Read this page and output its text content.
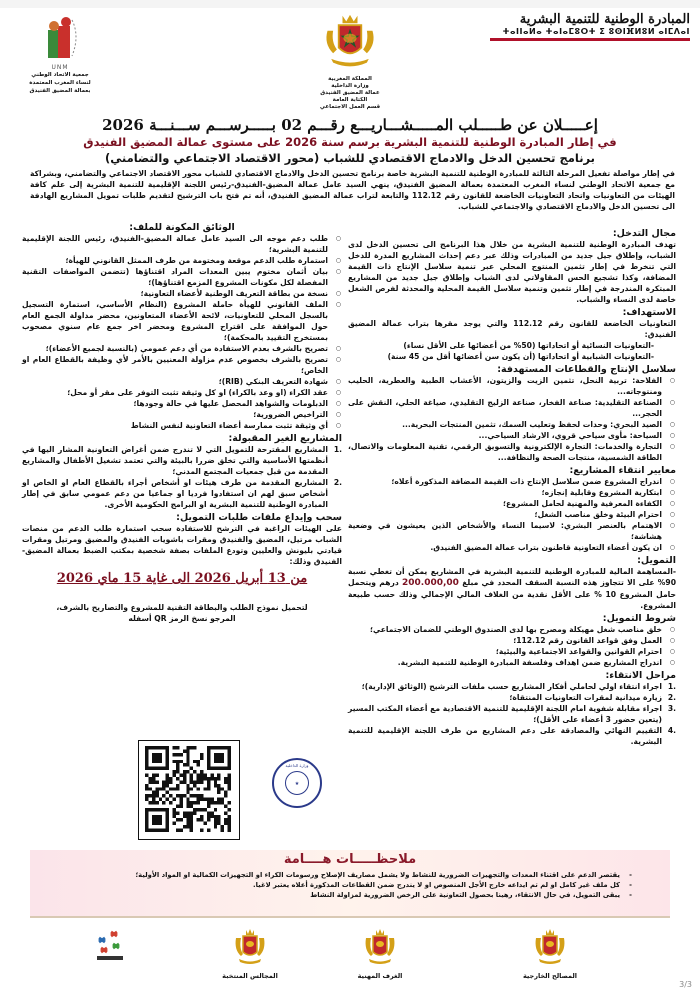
المبادرة الوطنية للتنمية البشرية
ⵜⴰⵏⵏⴰⵍⴰ ⵜⴰⵏⴰⵎⵓⵔⵜ ⵉ ⵓⵙⵏⴼⵍⵓⵍ ⴰⵏⵎⴷⴰⵏ
المملكة المغربية
وزارة الداخلية
عمالة المضيق الفنيدق
الكتابة العامة
قسم العمل الاجتماعي
UNM
جمعية الاتحاد الوطني
لنساء المغرب المعتمدة
بعمالة المضيق الفنيدق
إعـــــلان عن طـــــلب المـــــشـــاريـــع رقـــم 02 بـــــرســـم ســـنـــة 2026
في إطار المبادرة الوطنية للتنمية البشرية برسم سنة 2026 على مستوى عمالة المضيق الفنيدق
برنامج تحسين الدخل والادماج الاقتصادي للشباب (محور الاقتصاد الاجتماعي والتضامني)
في إطار مواصلة تفعيل المرحلة الثالثة للمبادرة الوطنية للتنمية البشرية خاصة برنامج تحسين الدخل والادماج الاقتصادي للشباب محور الاقتصاد الاجتماعي والتضامني، وبشراكة مع جمعية الاتحاد الوطني لنساء المغرب المعتمدة بعمالة المضيق الفنيدق، ينهي السيد عامل عمالة المضيق-الفنيدق-رئيس اللجنة الإقليمية للتنمية البشرية إلى علم كافة الهيئات من التعاونيات واتحاد التعاونيات الخاضعة للقانون رقم 112.12 والتابعة لتراب عمالة المضيق الفنيدق، أنه تم فتح باب الترشيح لتقديم طلبات تمويل المشاريع الهادفة الى تحسين الدخل والادماج الاقتصادي والاجتماعي للشباب.
مجال التدخل:
تهدف المبادرة الوطنية للتنمية البشرية من خلال هذا البرنامج الى تحسين الدخل لدى الشباب، وإطلاق جيل جديد من المبادرات وذلك عبر دعم إحداث المشاريع المدرة للدخل التي تنخرط في إطار تثمين المنتوج المحلي عبر تنمية سلاسل الإنتاج ذات القيمة المضافة، وكذا تشجيع الحس المقاولاتي لدى الشباب وإطلاق جيل جديد من المشاريع المبتكرة المندرجة في إطار تثمين وتنمية سلاسل القيمة المحلية والمحدثة لفرص الشغل خاصة لدى النساء والشباب.
الاستهداف:
التعاونيات الخاضعة للقانون رقم 112.12 والتي يوجد مقرها بتراب عمالة المضيق الفنيدق:
-التعاونيات النسائية أو اتحاداتها (50% من أعضائها على الأقل نساء)
-التعاونيات الشبابية أو اتحاداتها (أن يكون سن أعضائها أقل من 45 سنة)
سلاسل الإنتاج والقطاعات المستهدفة:
○ الفلاحة: تربية النحل، تثمين الزيت والزيتون، الأعشاب الطبية والعطرية، الحليب ومنتوجاته...
○ الصناعة التقليدية: صناعة الفخار، صناعة الزليج التقليدي، صياغة الحلي، النقش على الحجر...
○ الصيد البحري: وحدات لحفظ وتعليب السمك، تثمين المنتجات البحرية...
○ السياحة: مأوى سياحي قروي، الارشاد السياحي...
○ التجارة والخدمات: التجارة الإلكترونية والتسويق الرقمي، تقنية المعلومات والاتصال، الطاقة الشمسية، منتجات الصحة والنظافة...
معايير انتقاء المشاريع:
○ اندراج المشروع ضمن سلاسل الإنتاج ذات القيمة المضافة المذكورة أعلاه؛
○ ابتكارية المشروع وقابلية إنجازه؛
○ الكفاءة المعرفية والمهنية لحامل المشروع؛
○ احترام البيئة وخلق مناصب الشغل؛
○ الاهتمام بالعنصر البشري: لاسيما النساء والأشخاص الذين يعيشون في وضعية هشاشة؛
○ ان يكون أعضاء التعاونية قاطنون بتراب عمالة المضيق الفنيدق.
التمويل:
-المساهمة المالية للمبادرة الوطنية للتنمية البشرية في المشاريع يمكن أن تغطي نسبة 90% على الا تتجاوز هذه النسبة السقف المحدد في مبلغ 200.000,00 درهم ويتحمل حامل المشروع 10 % على الأقل نقدية من الغلاف المالي الإجمالي وذلك حسب طبيعة المشروع.
شروط التمويل:
○ خلق مناصب شغل مهيكلة ومصرح بها لدى الصندوق الوطني للضمان الاجتماعي؛
○ العمل وفق قواعد القانون رقم 112.12؛
○ احترام القوانين والقواعد الاجتماعية والبيئية؛
○ اندراج المشاريع ضمن اهداف وفلسفة المبادرة الوطنية للتنمية البشرية.
مراحل الانتقاء:
.1
اجراء انتقاء اولي لحاملي أفكار المشاريع حسب ملفات الترشيح (الوثائق الإدارية)؛
.2
زيارة ميدانية لمقرات التعاونيات المنتقاة؛
.3
اجراء مقابلة شفوية امام اللجنة الإقليمية للتنمية الاقتصادية مع أعضاء المكتب المسير (يتعين حضور 3 أعضاء على الأقل)؛
.4
التقييم النهائي والمصادقة على دعم المشاريع من طرف اللجنة الإقليمية للتنمية البشرية.
الوثائق المكونة للملف:
○ طلب دعم موجه الى السيد عامل عمالة المضيق-الفنيدق، رئيس اللجنة الإقليمية للتنمية البشرية؛
○ استمارة طلب الدعم موقعة ومختومة من طرف الممثل القانوني للهيأة؛
○ بيان أثمان مختوم يبين المعدات المراد اقتناؤها (تتضمن المواصفات التقنية المفصلة لكل مكونات المشروع المزمع اقتناؤها)؛
○ نسخة من بطاقة التعريف الوطنية لأعضاء التعاونية؛
○ الملف القانوني للهيأة حاملة المشروع (النظام الأساسي، استمارة التسجيل بالسجل المحلي للتعاونيات، لائحة الأعضاء المتعاونين، محضر مداولة الجمع العام حول الموافقة على اقتراح المشروع ومحضر اخر جمع عام سنوي مصحوب بمستخرج التقييد بالمحكمة)؛
○ تصريح بالشرف بعدم الاستفادة من أي دعم عمومي (بالنسبة لجميع الأعضاء)؛
○ تصريح بالشرف بخصوص عدم مزاولة المعنيين بالأمر لأي وظيفة بالقطاع العام او الخاص؛
○ شهادة التعريف البنكي (RIB)؛
○ عقد الكراء (او وعد بالكراء) او كل وثيقة تثبت التوفر على مقر أو محل؛
○ الدبلومات والشواهد المحصل عليها في حالة وجودها؛
○ التراخيص الضرورية؛
○ أي وثيقة تثبت ممارسة أعضاء التعاونية لنفس النشاط
المشاريع الغير المقبولة:
.1
المشاريع المقترحة للتمويل التي لا تندرج ضمن أغراض التعاونية المشار اليها في أنظمتها الأساسية والتي تخلق ضررا بالبيئة والتي تعتمد تشغيل الأطفال والمشاريع المقدمة من قبل جمعيات المجتمع المدني؛
.2
المشاريع المقدمة من طرف هيئات او أشخاص أجراء بالقطاع العام او الخاص او أشخاص سبق لهم ان استفادوا فرديا او جماعيا من دعم عمومي سابق في إطار المبادرة الوطنية للتنمية البشرية او البرامج الحكومية الأخرى.
سحب وإيداع ملفات طلبات التمويل:
على الهيئات الراغبة في الترشح للاستفادة سحب استمارة طلب الدعم من منصات الشباب مرتيل، المضيق والفنيدق ومقرات باشويات الفنيدق والمضيق ومرتيل ومقرات قيادتي بليونش والعليين وتودع الملفات بصفة شخصية بمكتب الضبط بعمالة المضيق-الفنيدق وذلك:
من 13 أبريل 2026 الى غاية 15 ماي 2026
لتحميل نموذج الطلب والبطاقة التقنية للمشروع والتصاريح بالشرف،
المرجو نسخ الرمز QR أسفله
وزارة الداخلية
★
ملاحظـــــات هــــامة
- يقتصر الدعم على اقتناء المعدات والتجهيزات الضرورية للنشاط ولا يشمل مصاريف الإصلاح ورسومات الكراء او التجهيزات الكمالية او المواد الأولية؛
- كل ملف غير كامل او لم تم ايداعه خارج الأجل المنصوص او لا يندرج ضمن القطاعات المذكورة أعلاه يعتبر لاغيا.
- يبقى التمويل، في حال الانتقاء، رهينا بحصول التعاونية على الرخص الضرورية لمزاولة النشاط
المجالس المنتخبة	الغرف المهنية	المصالح الخارجية
3/3
